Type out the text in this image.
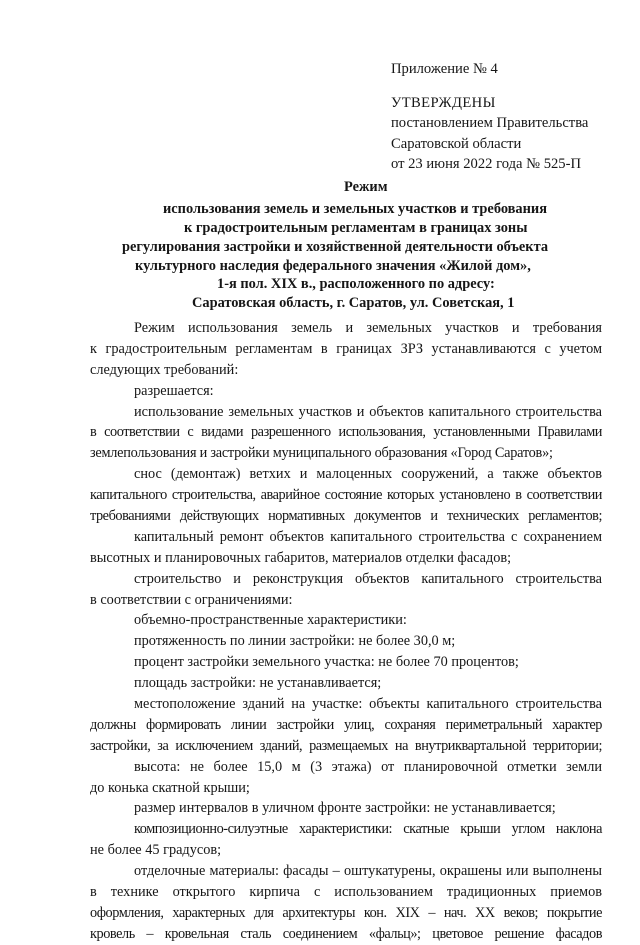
Приложение № 4
УТВЕРЖДЕНЫ
постановлением Правительства
Саратовской области
от 23 июня 2022 года № 525-П
Режим
использования земель и земельных участков и требования
к градостроительным регламентам в границах зоны
регулирования застройки и хозяйственной деятельности объекта
культурного наследия федерального значения «Жилой дом»,
1-я пол. XIX в., расположенного по адресу:
Саратовская область, г. Саратов, ул. Советская, 1
Режим использования земель и земельных участков и требования
к градостроительным регламентам в границах ЗРЗ устанавливаются с учетом
следующих требований:
разрешается:
использование земельных участков и объектов капитального строительства
в соответствии с видами разрешенного использования, установленными Правилами
землепользования и застройки муниципального образования «Город Саратов»;
снос (демонтаж) ветхих и малоценных сооружений, а также объектов
капитального строительства, аварийное состояние которых установлено в соответствии
требованиями действующих нормативных документов и технических регламентов;
капитальный ремонт объектов капитального строительства с сохранением
высотных и планировочных габаритов, материалов отделки фасадов;
строительство и реконструкция объектов капитального строительства
в соответствии с ограничениями:
объемно-пространственные характеристики:
протяженность по линии застройки: не более 30,0 м;
процент застройки земельного участка: не более 70 процентов;
площадь застройки: не устанавливается;
местоположение зданий на участке: объекты капитального строительства
должны формировать линии застройки улиц, сохраняя периметральный характер
застройки, за исключением зданий, размещаемых на внутриквартальной территории;
высота: не более 15,0 м (3 этажа) от планировочной отметки земли
до конька скатной крыши;
размер интервалов в уличном фронте застройки: не устанавливается;
композиционно-силуэтные характеристики: скатные крыши углом наклона
не более 45 градусов;
отделочные материалы: фасады – оштукатурены, окрашены или выполнены
в технике открытого кирпича с использованием традиционных приемов
оформления, характерных для архитектуры кон. XIX – нач. XX веков; покрытие
кровель – кровельная сталь соединением «фальц»; цветовое решение фасадов
